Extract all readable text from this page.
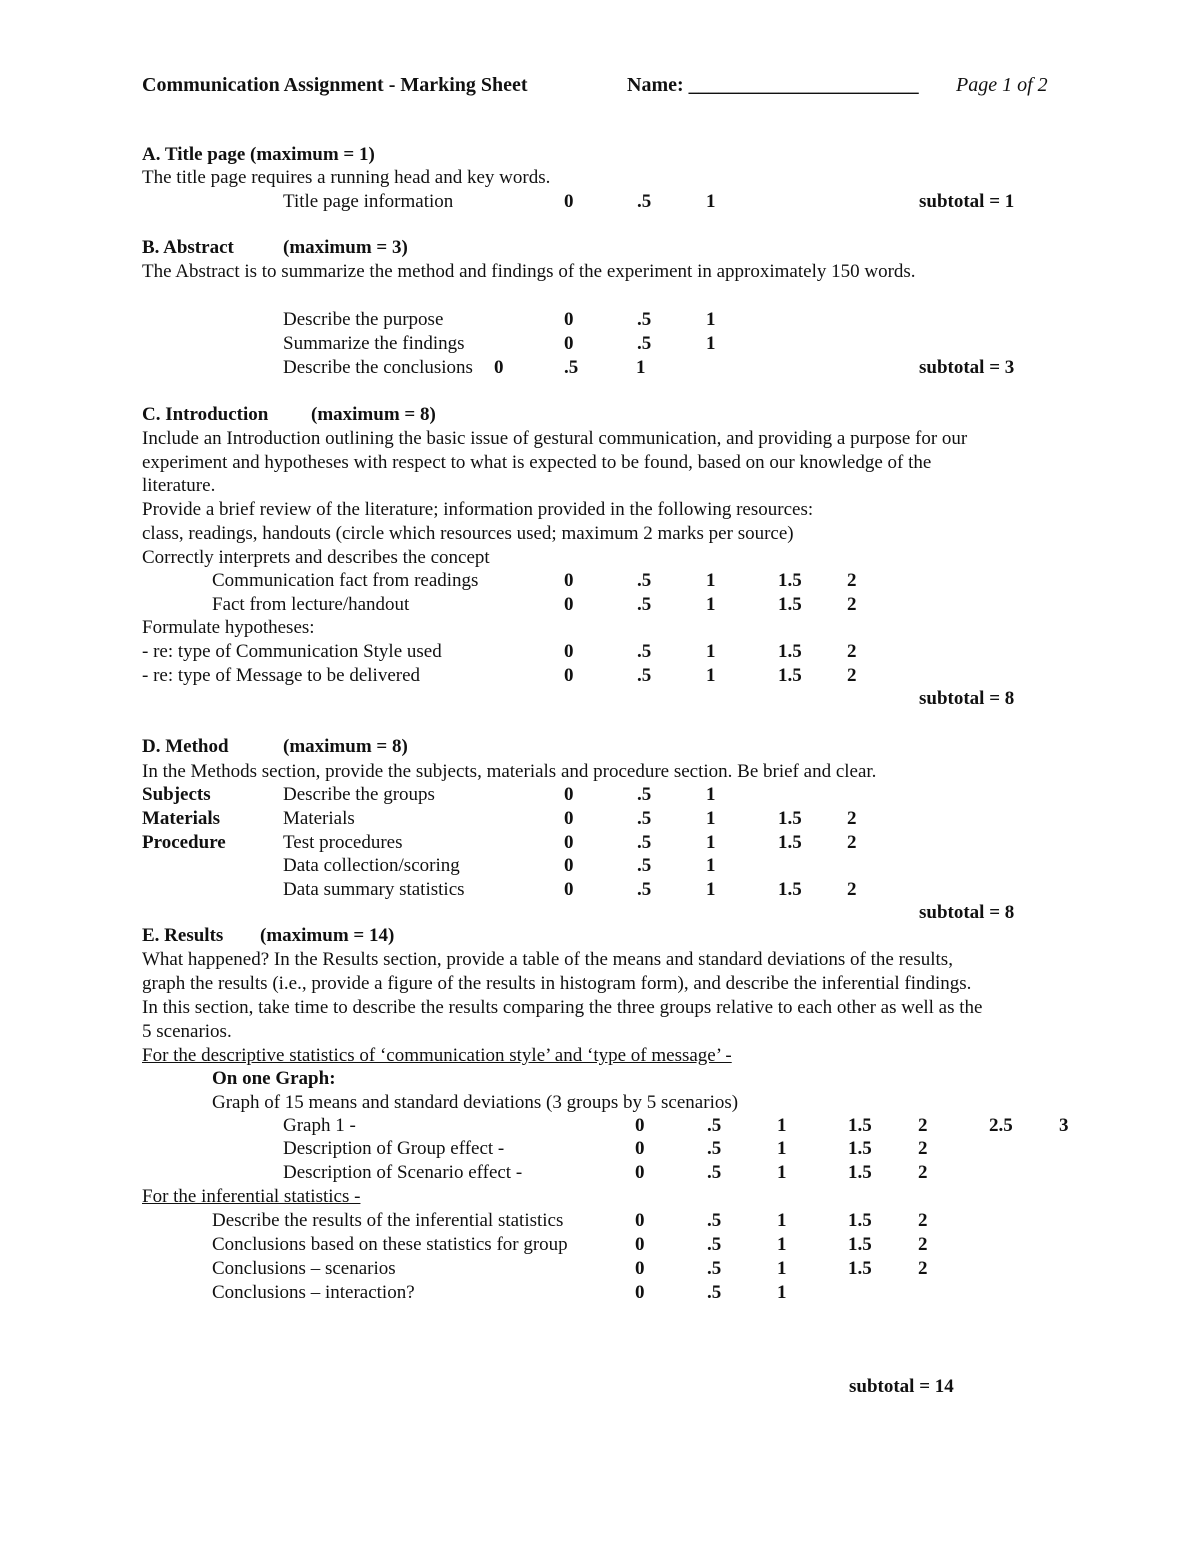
Communication Assignment - Marking Sheet	Name: _______________________ Page 1 of 2
A. Title page (maximum = 1)
The title page requires a running head and key words.
Title page information	0	.5	1	subtotal = 1
B. Abstract	(maximum = 3)
The Abstract is to summarize the method and findings of the experiment in approximately 150 words.
Describe the purpose	0	.5	1
Summarize the findings	0	.5	1
Describe the conclusions 0	.5	1	subtotal = 3
C. Introduction (maximum = 8)
Include an Introduction outlining the basic issue of gestural communication, and providing a purpose for our
experiment and hypotheses with respect to what is expected to be found, based on our knowledge of the
literature.
Provide a brief review of the literature; information provided in the following resources:
class, readings, handouts (circle which resources used; maximum 2 marks per source)
Correctly interprets and describes the concept
Communication fact from readings	0	.5	1	1.5 2
Fact from lecture/handout	0	.5	1	1.5 2
Formulate hypotheses:
- re: type of Communication Style used	0	.5	1	1.5 2
- re: type of Message to be delivered	0	.5	1	1.5 2
subtotal = 8
D. Method	(maximum = 8)
In the Methods section, provide the subjects, materials and procedure section. Be brief and clear.
Subjects	Describe the groups	0	.5	1
Materials	Materials	0	.5	1	1.5 2
Procedure	Test procedures	0	.5	1	1.5 2
Data collection/scoring	0	.5	1
Data summary statistics	0	.5	1	1.5 2
subtotal = 8
E. Results (maximum = 14)
What happened? In the Results section, provide a table of the means and standard deviations of the results,
graph the results (i.e., provide a figure of the results in histogram form), and describe the inferential findings.
In this section, take time to describe the results comparing the three groups relative to each other as well as the
5 scenarios.
For the descriptive statistics of ‘communication style’ and ‘type of message’ -
On one Graph:
Graph of 15 means and standard deviations (3 groups by 5 scenarios)
Graph 1 -	0	.5	1	1.5 2	2.5 3
Description of Group effect -	0	.5	1	1.5 2
Description of Scenario effect -	0	.5	1	1.5 2
For the inferential statistics -
Describe the results of the inferential statistics	0	.5	1	1.5 2
Conclusions based on these statistics for group	0	.5	1	1.5 2
Conclusions – scenarios	0	.5	1	1.5 2
Conclusions – interaction?	0	.5	1
subtotal = 14
